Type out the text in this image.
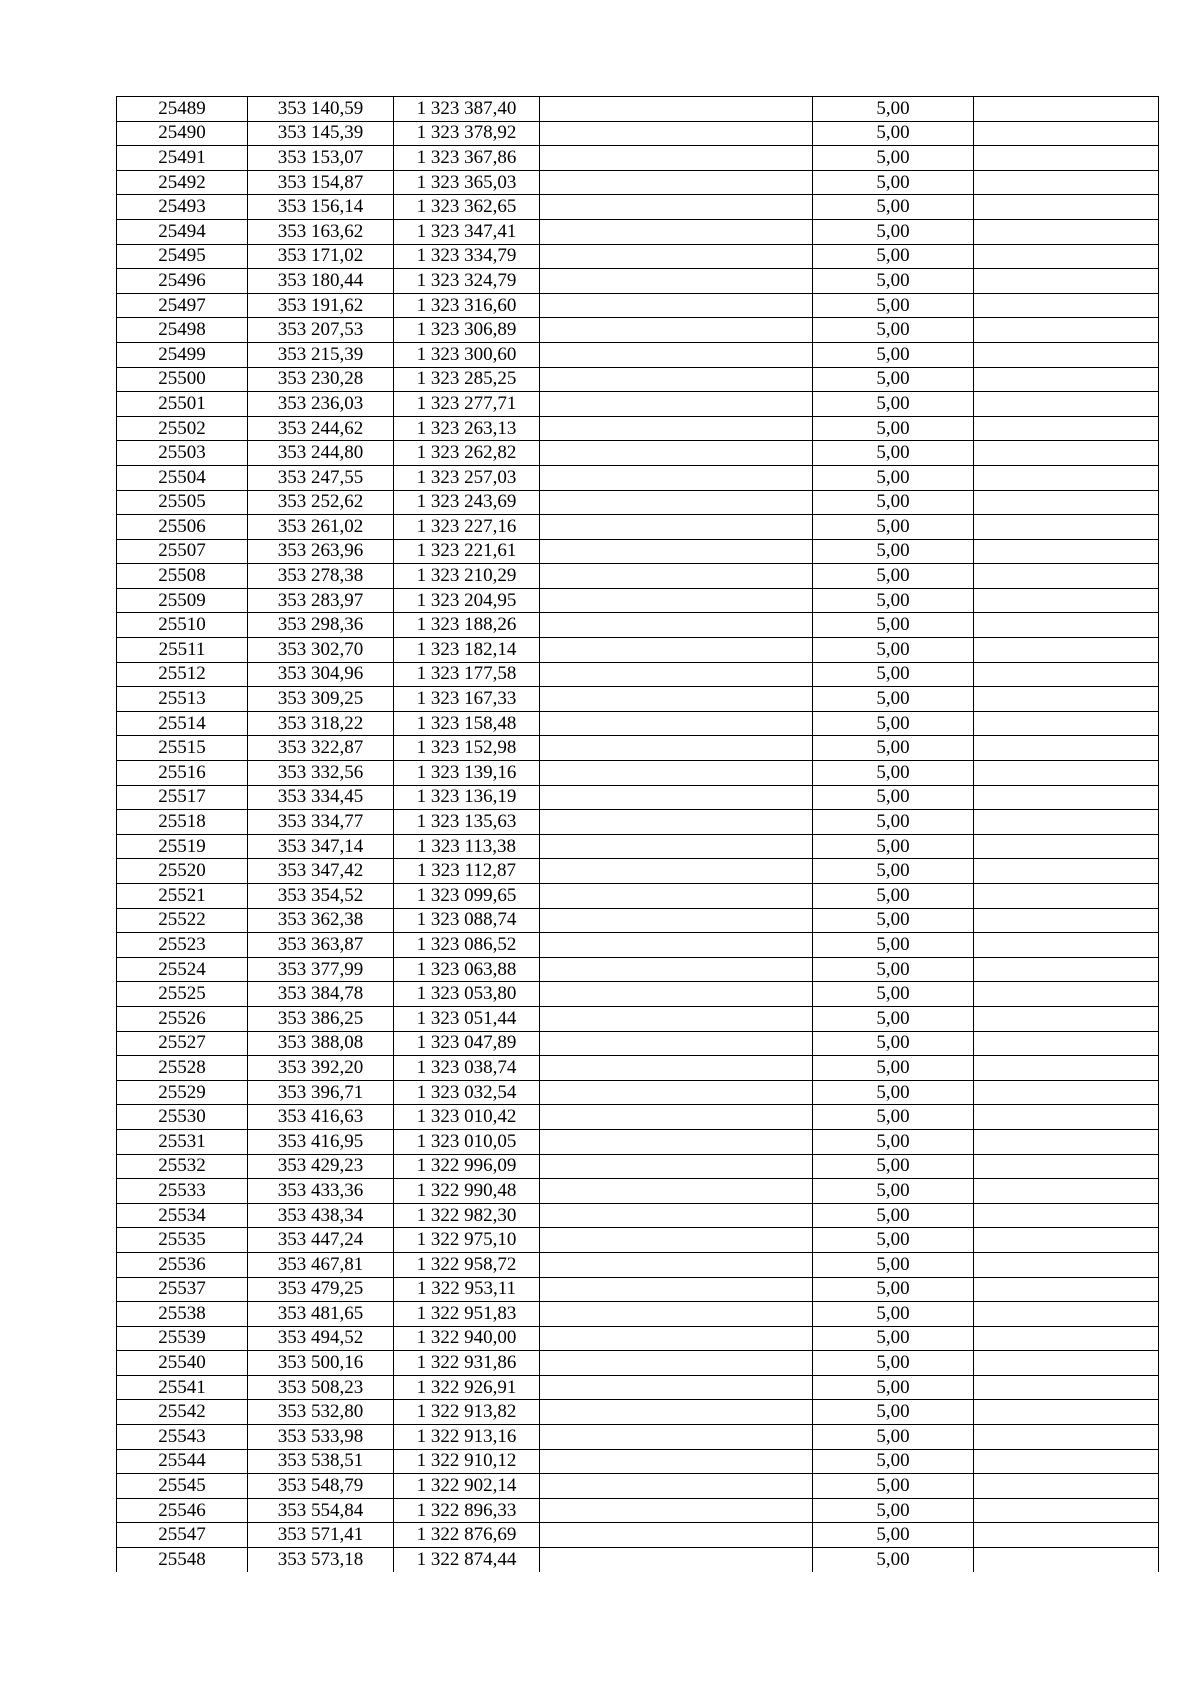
25489	353 140,59	1 323 387,40		5,00	
25490	353 145,39	1 323 378,92		5,00	
25491	353 153,07	1 323 367,86		5,00	
25492	353 154,87	1 323 365,03		5,00	
25493	353 156,14	1 323 362,65		5,00	
25494	353 163,62	1 323 347,41		5,00	
25495	353 171,02	1 323 334,79		5,00	
25496	353 180,44	1 323 324,79		5,00	
25497	353 191,62	1 323 316,60		5,00	
25498	353 207,53	1 323 306,89		5,00	
25499	353 215,39	1 323 300,60		5,00	
25500	353 230,28	1 323 285,25		5,00	
25501	353 236,03	1 323 277,71		5,00	
25502	353 244,62	1 323 263,13		5,00	
25503	353 244,80	1 323 262,82		5,00	
25504	353 247,55	1 323 257,03		5,00	
25505	353 252,62	1 323 243,69		5,00	
25506	353 261,02	1 323 227,16		5,00	
25507	353 263,96	1 323 221,61		5,00	
25508	353 278,38	1 323 210,29		5,00	
25509	353 283,97	1 323 204,95		5,00	
25510	353 298,36	1 323 188,26		5,00	
25511	353 302,70	1 323 182,14		5,00	
25512	353 304,96	1 323 177,58		5,00	
25513	353 309,25	1 323 167,33		5,00	
25514	353 318,22	1 323 158,48		5,00	
25515	353 322,87	1 323 152,98		5,00	
25516	353 332,56	1 323 139,16		5,00	
25517	353 334,45	1 323 136,19		5,00	
25518	353 334,77	1 323 135,63		5,00	
25519	353 347,14	1 323 113,38		5,00	
25520	353 347,42	1 323 112,87		5,00	
25521	353 354,52	1 323 099,65		5,00	
25522	353 362,38	1 323 088,74		5,00	
25523	353 363,87	1 323 086,52		5,00	
25524	353 377,99	1 323 063,88		5,00	
25525	353 384,78	1 323 053,80		5,00	
25526	353 386,25	1 323 051,44		5,00	
25527	353 388,08	1 323 047,89		5,00	
25528	353 392,20	1 323 038,74		5,00	
25529	353 396,71	1 323 032,54		5,00	
25530	353 416,63	1 323 010,42		5,00	
25531	353 416,95	1 323 010,05		5,00	
25532	353 429,23	1 322 996,09		5,00	
25533	353 433,36	1 322 990,48		5,00	
25534	353 438,34	1 322 982,30		5,00	
25535	353 447,24	1 322 975,10		5,00	
25536	353 467,81	1 322 958,72		5,00	
25537	353 479,25	1 322 953,11		5,00	
25538	353 481,65	1 322 951,83		5,00	
25539	353 494,52	1 322 940,00		5,00	
25540	353 500,16	1 322 931,86		5,00	
25541	353 508,23	1 322 926,91		5,00	
25542	353 532,80	1 322 913,82		5,00	
25543	353 533,98	1 322 913,16		5,00	
25544	353 538,51	1 322 910,12		5,00	
25545	353 548,79	1 322 902,14		5,00	
25546	353 554,84	1 322 896,33		5,00	
25547	353 571,41	1 322 876,69		5,00	
25548	353 573,18	1 322 874,44		5,00	
